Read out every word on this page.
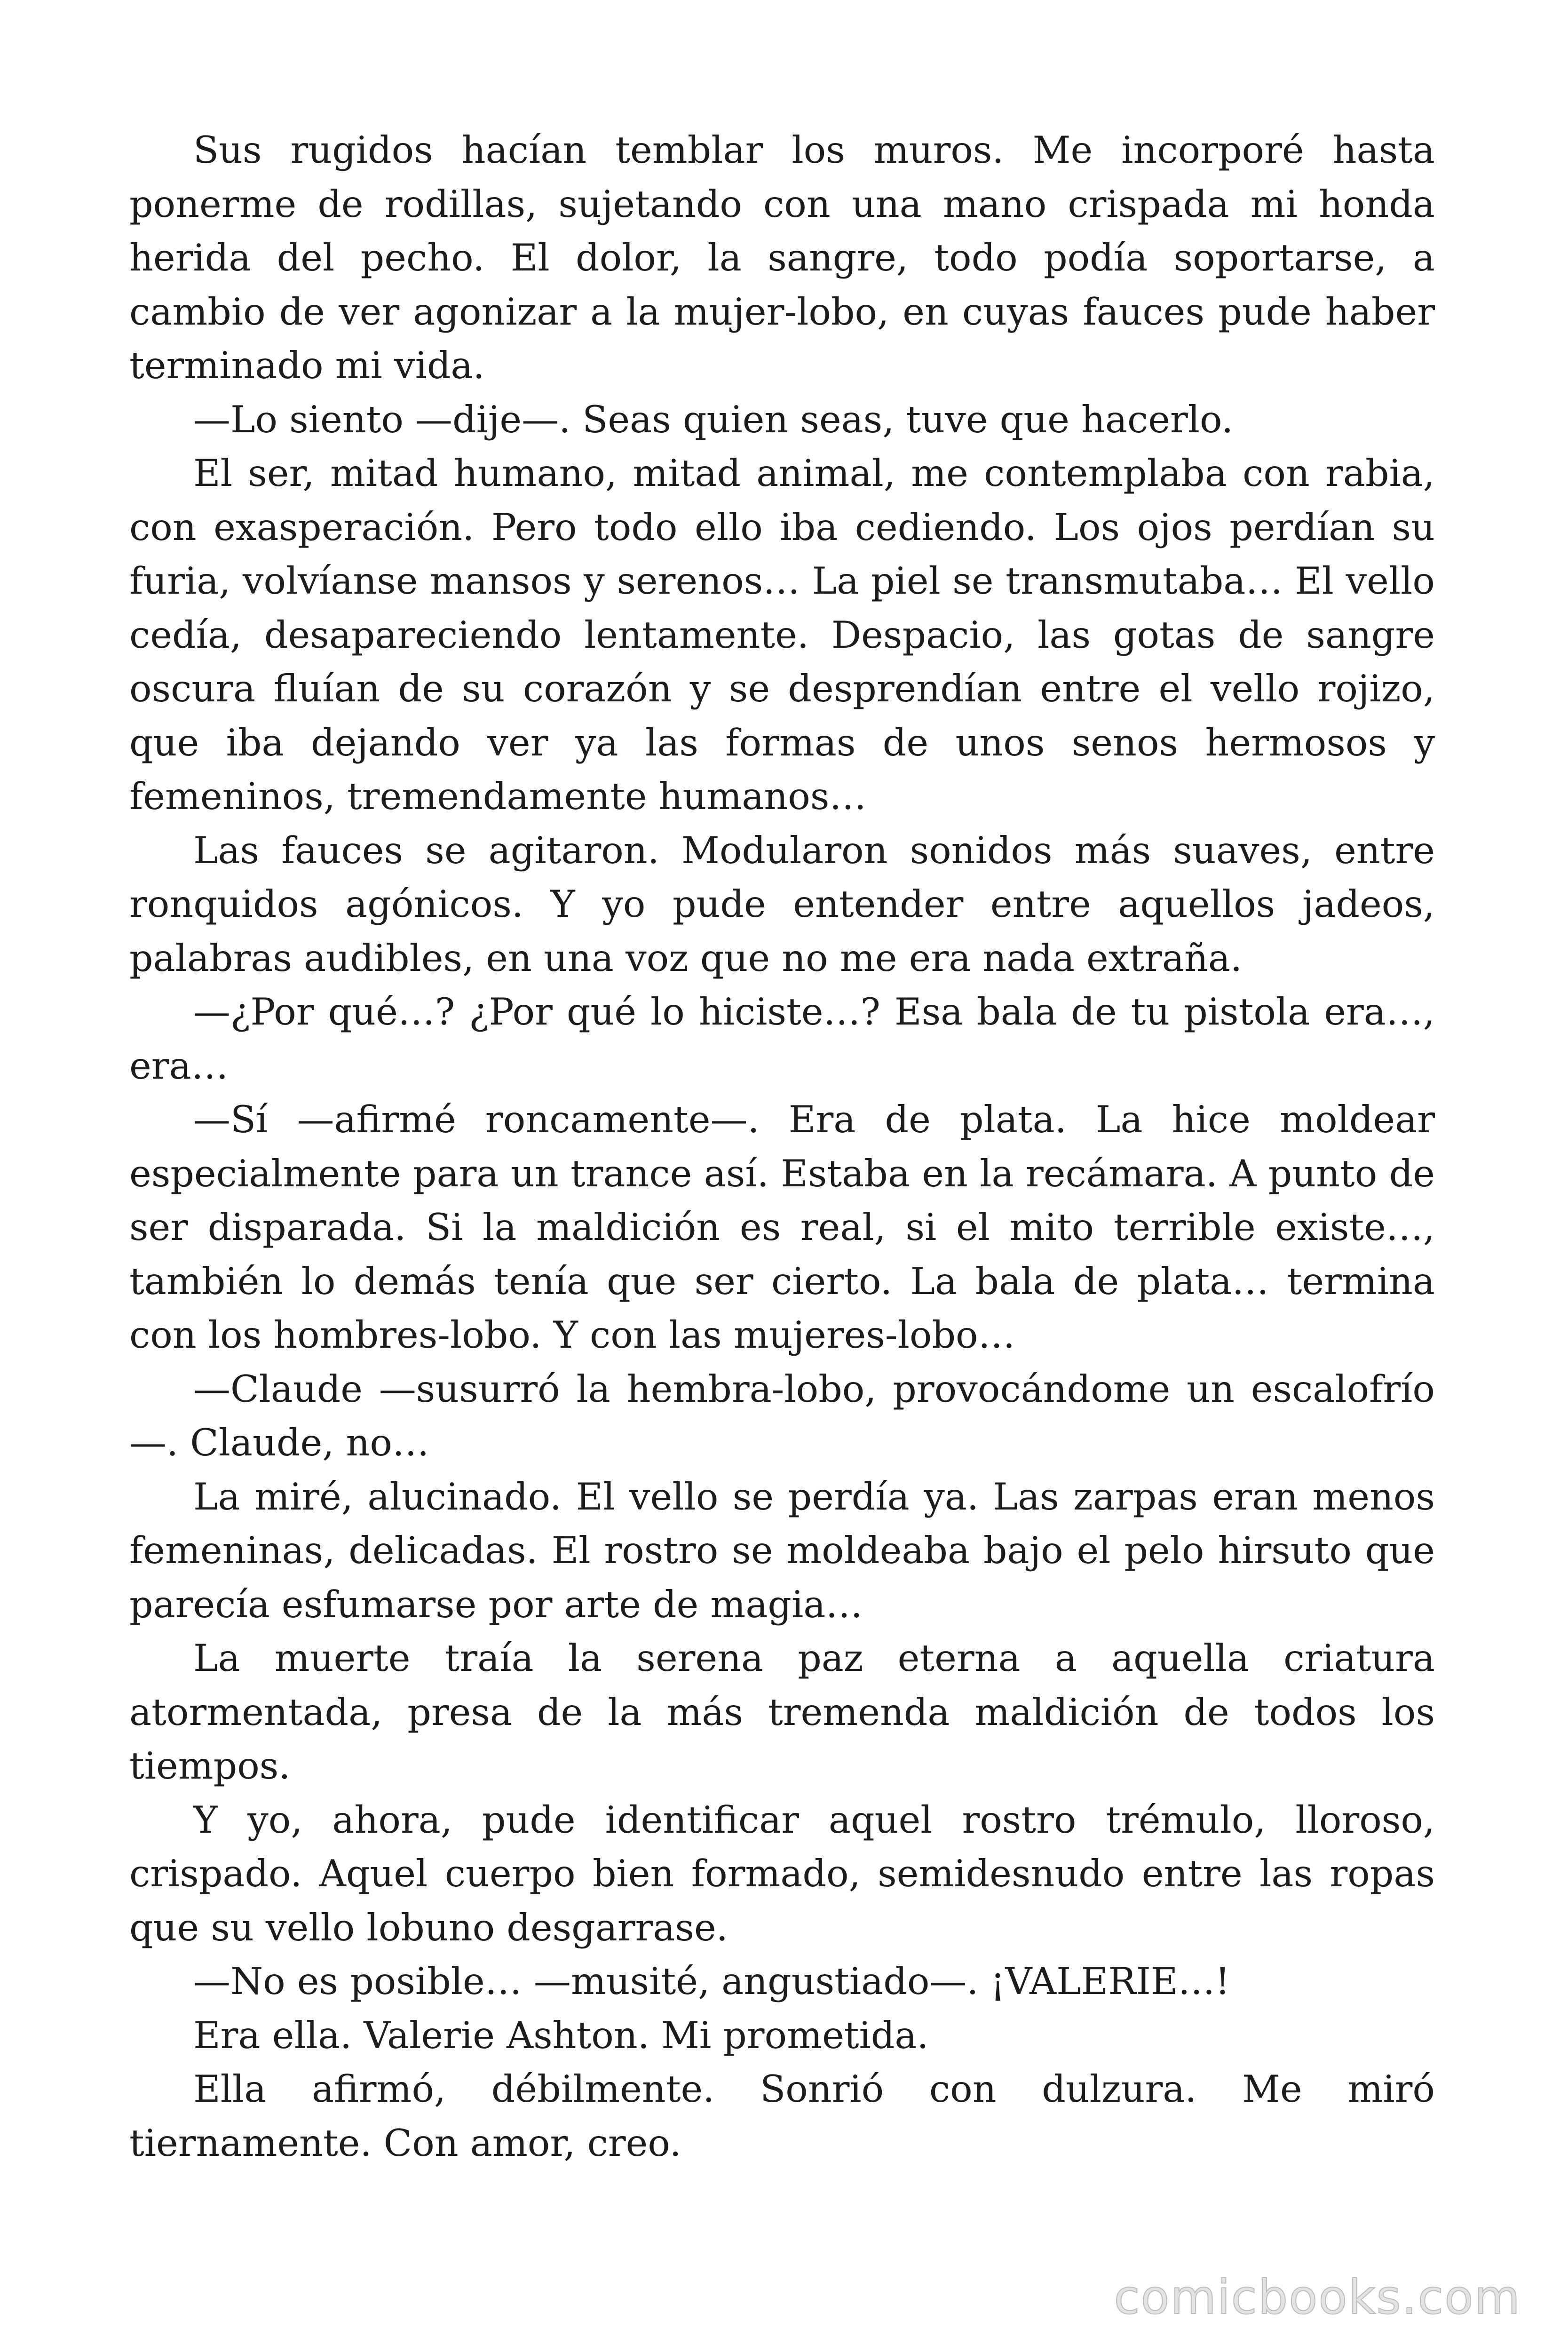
Sus rugidos hacían temblar los muros. Me incorporé hasta ponerme de rodillas, sujetando con una mano crispada mi honda herida del pecho. El dolor, la sangre, todo podía soportarse, a cambio de ver agonizar a la mujer-lobo, en cuyas fauces pude haber terminado mi vida.

—Lo siento —dije—. Seas quien seas, tuve que hacerlo.

El ser, mitad humano, mitad animal, me contemplaba con rabia, con exasperación. Pero todo ello iba cediendo. Los ojos perdían su furia, volvíanse mansos y serenos… La piel se transmutaba… El vello cedía, desapareciendo lentamente. Despacio, las gotas de sangre oscura fluían de su corazón y se desprendían entre el vello rojizo, que iba dejando ver ya las formas de unos senos hermosos y femeninos, tremendamente humanos…

Las fauces se agitaron. Modularon sonidos más suaves, entre ronquidos agónicos. Y yo pude entender entre aquellos jadeos, palabras audibles, en una voz que no me era nada extraña.

—¿Por qué…? ¿Por qué lo hiciste…? Esa bala de tu pistola era…, era…

—Sí —afirmé roncamente—. Era de plata. La hice moldear especialmente para un trance así. Estaba en la recámara. A punto de ser disparada. Si la maldición es real, si el mito terrible existe…, también lo demás tenía que ser cierto. La bala de plata… termina con los hombres-lobo. Y con las mujeres-lobo…

—Claude —susurró la hembra-lobo, provocándome un escalofrío —. Claude, no…

La miré, alucinado. El vello se perdía ya. Las zarpas eran menos femeninas, delicadas. El rostro se moldeaba bajo el pelo hirsuto que parecía esfumarse por arte de magia…

La muerte traía la serena paz eterna a aquella criatura atormentada, presa de la más tremenda maldición de todos los tiempos.

Y yo, ahora, pude identificar aquel rostro trémulo, lloroso, crispado. Aquel cuerpo bien formado, semidesnudo entre las ropas que su vello lobuno desgarrase.

—No es posible… —musité, angustiado—. ¡VALERIE…!

Era ella. Valerie Ashton. Mi prometida.

Ella afirmó, débilmente. Sonrió con dulzura. Me miró tiernamente. Con amor, creo.

comicbooks.com
